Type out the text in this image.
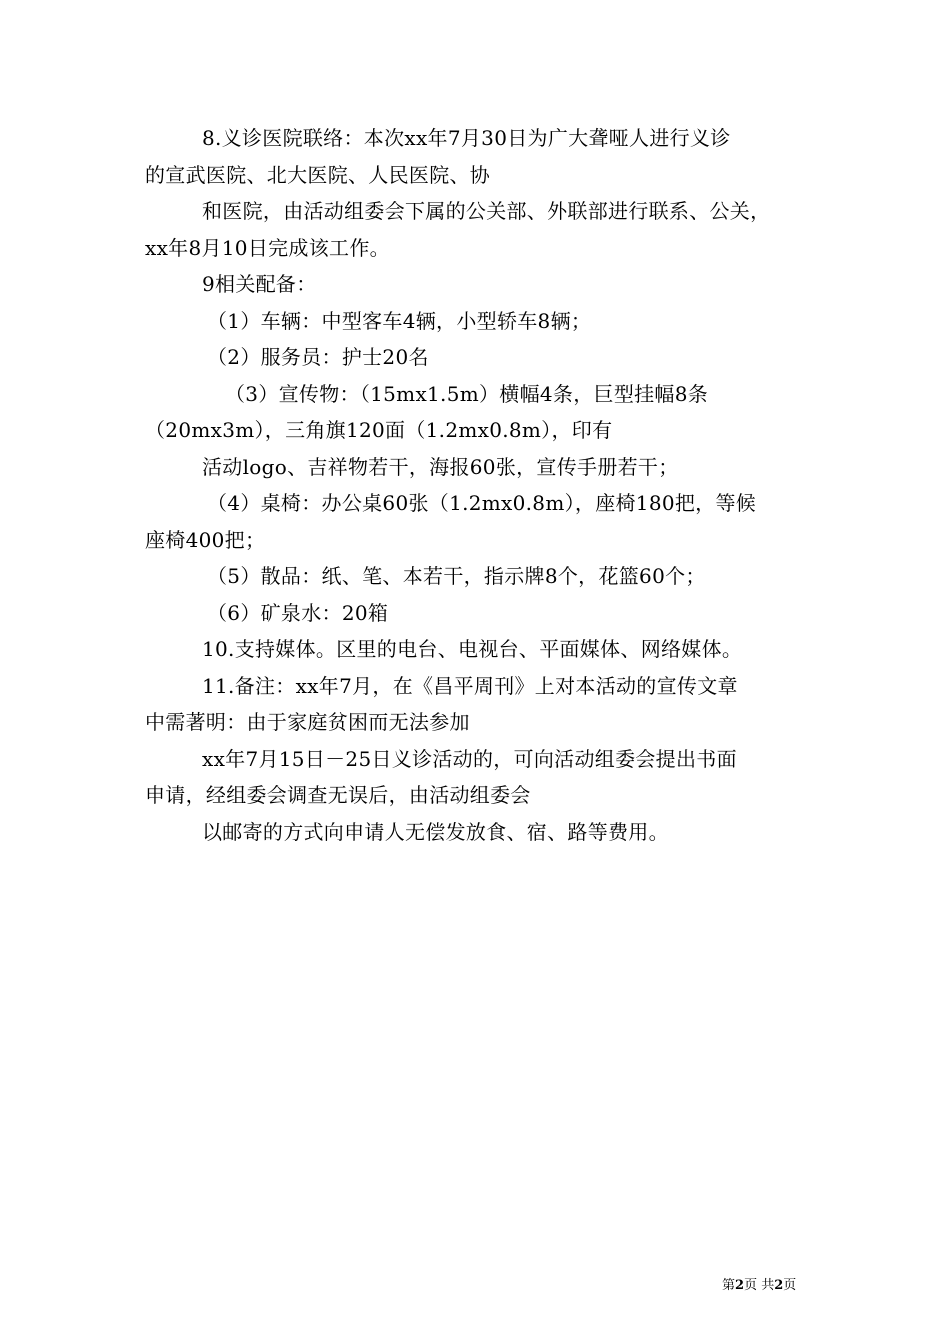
8.义诊医院联络：本次xx年7月30日为广大聋哑人进行义诊
的宣武医院、北大医院、人民医院、协
和医院，由活动组委会下属的公关部、外联部进行联系、公关，
xx年8月10日完成该工作。
9相关配备：
（1）车辆：中型客车4辆，小型轿车8辆；
（2）服务员：护士20名
（3）宣传物：（15mx1.5m）横幅4条，巨型挂幅8条
（20mx3m），三角旗120面（1.2mx0.8m），印有
活动logo、吉祥物若干，海报60张，宣传手册若干；
（4）桌椅：办公桌60张（1.2mx0.8m），座椅180把，等候
座椅400把；
（5）散品：纸、笔、本若干，指示牌8个，花篮60个；
（6）矿泉水：20箱
10.支持媒体。区里的电台、电视台、平面媒体、网络媒体。
11.备注：xx年7月，在《昌平周刊》上对本活动的宣传文章
中需著明：由于家庭贫困而无法参加
xx年7月15日－25日义诊活动的，可向活动组委会提出书面
申请，经组委会调查无误后，由活动组委会
以邮寄的方式向申请人无偿发放食、宿、路等费用。
第2页 共2页
